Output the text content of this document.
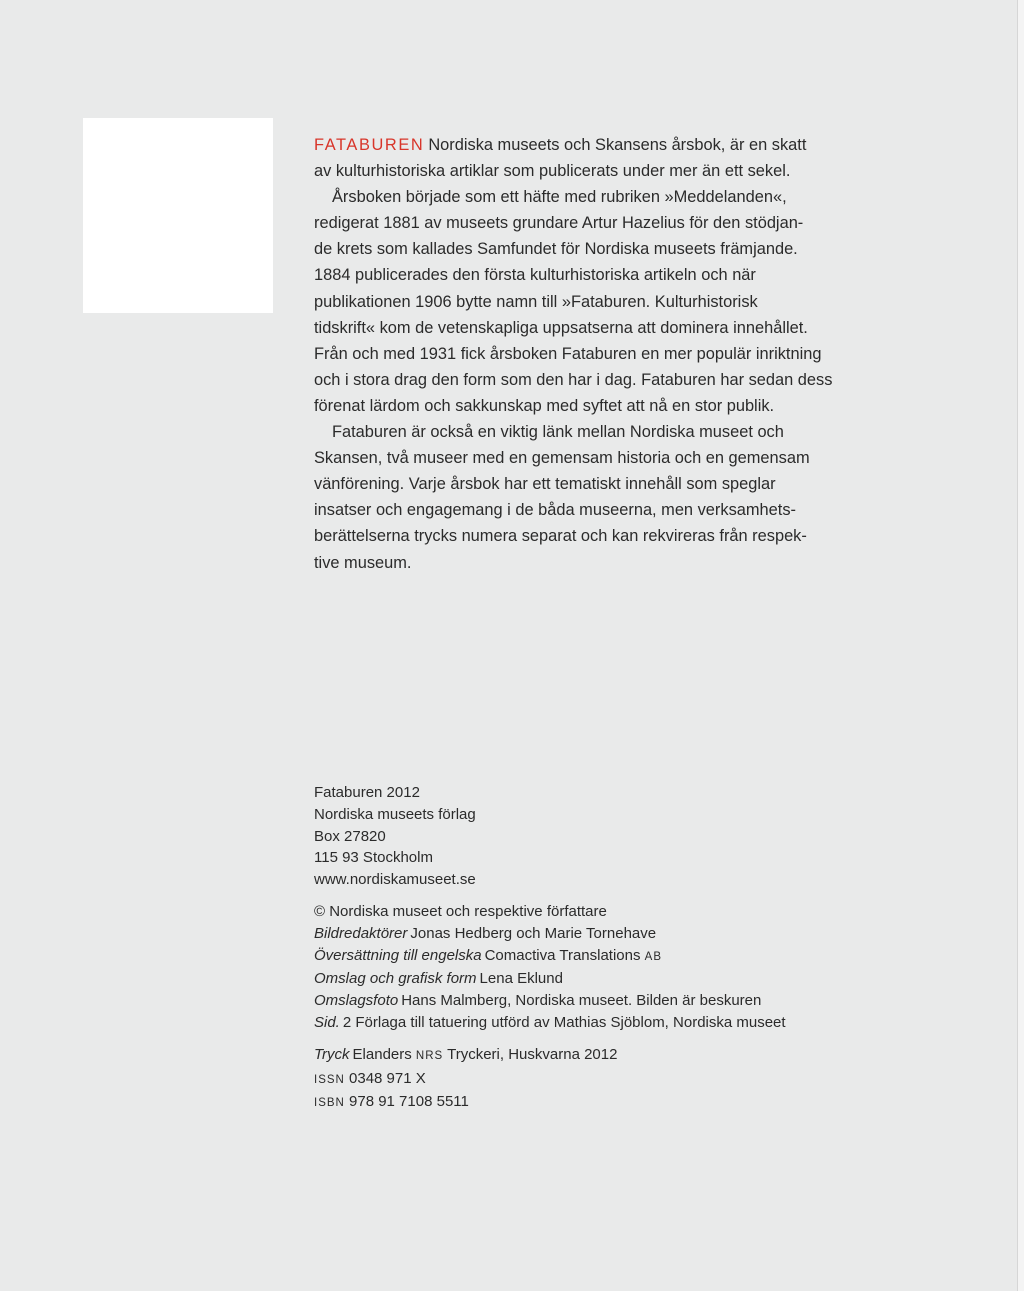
FATABUREN Nordiska museets och Skansens årsbok, är en skatt
av kulturhistoriska artiklar som publicerats under mer än ett sekel.
Årsboken började som ett häfte med rubriken »Meddelanden«,
redigerat 1881 av museets grundare Artur Hazelius för den stödjan-
de krets som kallades Samfundet för Nordiska museets främjande.
1884 publicerades den första kulturhistoriska artikeln och när
publikationen 1906 bytte namn till »Fataburen. Kulturhistorisk
tidskrift« kom de vetenskapliga uppsatserna att dominera innehållet.
Från och med 1931 fick årsboken Fataburen en mer populär inriktning
och i stora drag den form som den har i dag. Fataburen har sedan dess
förenat lärdom och sakkunskap med syftet att nå en stor publik.
Fataburen är också en viktig länk mellan Nordiska museet och
Skansen, två museer med en gemensam historia och en gemensam
vänförening. Varje årsbok har ett tematiskt innehåll som speglar
insatser och engagemang i de båda museerna, men verksamhets-
berättelserna trycks numera separat och kan rekvireras från respek-
tive museum.
Fataburen 2012
Nordiska museets förlag
Box 27820
115 93 Stockholm
www.nordiskamuseet.se
© Nordiska museet och respektive författare
Bildredaktörer Jonas Hedberg och Marie Tornehave
Översättning till engelska Comactiva Translations AB
Omslag och grafisk form Lena Eklund
Omslagsfoto Hans Malmberg, Nordiska museet. Bilden är beskuren
Sid. 2 Förlaga till tatuering utförd av Mathias Sjöblom, Nordiska museet
Tryck Elanders NRS Tryckeri, Huskvarna 2012
ISSN 0348 971 X
ISBN 978 91 7108 5511
